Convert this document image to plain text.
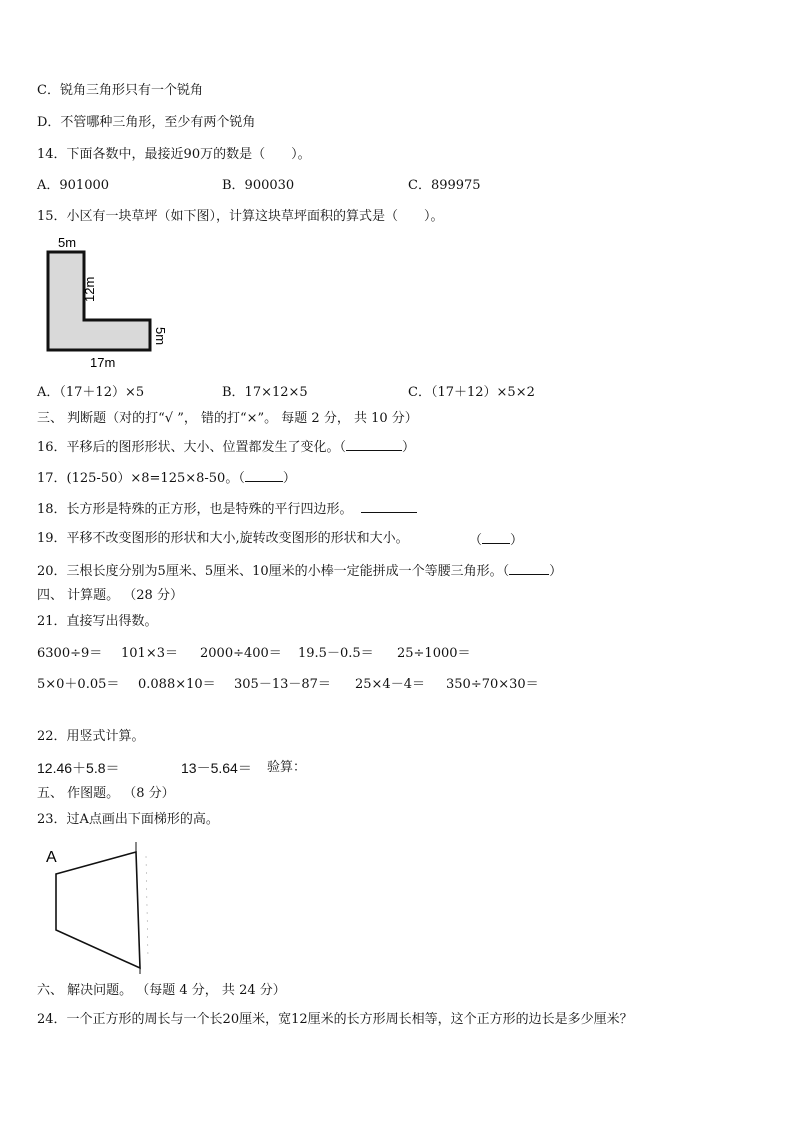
C．锐角三角形只有一个锐角
D．不管哪种三角形，至少有两个锐角
14．下面各数中，最接近90万的数是（　　）。
A．901000	B．900030	C．899975
15．小区有一块草坪（如下图），计算这块草坪面积的算式是（　　）。
5m
12m
5m
17m
A．（17＋12）×5	B．17×12×5	C．（17＋12）×5×2
三、 判断题（对的打“√ ”， 错的打“×”。 每题 2 分， 共 10 分）
16．平移后的图形形状、大小、位置都发生了变化。（	）
17．(125-50）×8=125×8-50。（	）
18．长方形是特殊的正方形，也是特殊的平行四边形。
19．平移不改变图形的形状和大小,旋转改变图形的形状和大小。	（ ）
20．三根长度分别为5厘米、5厘米、10厘米的小棒一定能拼成一个等腰三角形。（	）
四、 计算题。 （28 分）
21．直接写出得数。
6300÷9＝ 101×3＝ 2000÷400＝ 19.5－0.5＝ 25÷1000＝
5×0＋0.05＝ 0.088×10＝ 305－13－87＝ 25×4－4＝ 350÷70×30＝
22．用竖式计算。
12.46＋5.8＝	13－5.64＝ 验算：
五、 作图题。 （8 分）
23．过A点画出下面梯形的高。
A
六、 解决问题。 （每题 4 分， 共 24 分）
24．一个正方形的周长与一个长20厘米，宽12厘米的长方形周长相等，这个正方形的边长是多少厘米？
